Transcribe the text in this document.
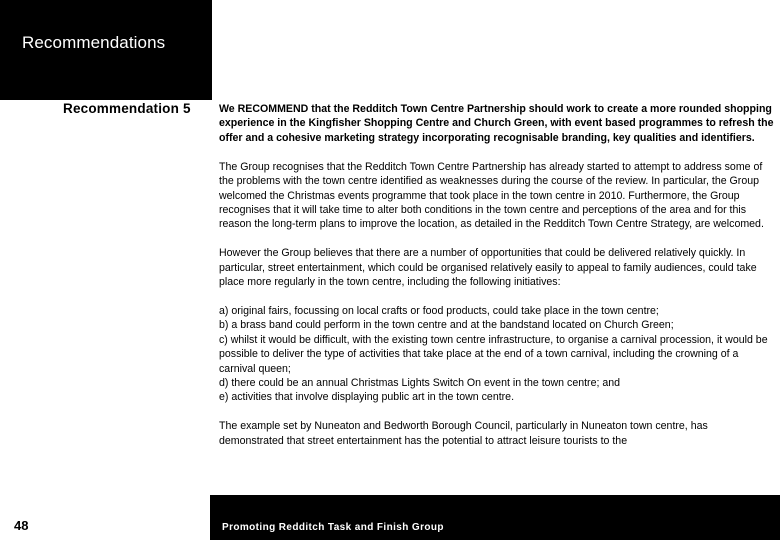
Recommendations
Recommendation 5	We RECOMMEND that the Redditch Town Centre Partnership should work to create a more rounded shopping experience in the Kingfisher Shopping Centre and Church Green, with event based programmes to refresh the offer and a cohesive marketing strategy incorporating recognisable branding, key qualities and identifiers.

The Group recognises that the Redditch Town Centre Partnership has already started to attempt to address some of the problems with the town centre identified as weaknesses during the course of the review. In particular, the Group welcomed the Christmas events programme that took place in the town centre in 2010. Furthermore, the Group recognises that it will take time to alter both conditions in the town centre and perceptions of the area and for this reason the long-term plans to improve the location, as detailed in the Redditch Town Centre Strategy, are welcomed.

However the Group believes that there are a number of opportunities that could be delivered relatively quickly. In particular, street entertainment, which could be organised relatively easily to appeal to family audiences, could take place more regularly in the town centre, including the following initiatives:

a) original fairs, focussing on local crafts or food products, could take place in the town centre;
b) a brass band could perform in the town centre and at the bandstand located on Church Green;
c) whilst it would be difficult, with the existing town centre infrastructure, to organise a carnival procession, it would be possible to deliver the type of activities that take place at the end of a town carnival, including the crowning of a carnival queen;
d) there could be an annual Christmas Lights Switch On event in the town centre; and
e) activities that involve displaying public art in the town centre.

The example set by Nuneaton and Bedworth Borough Council, particularly in Nuneaton town centre, has demonstrated that street entertainment has the potential to attract leisure tourists to the

Promoting Redditch Task and Finish Group
48
